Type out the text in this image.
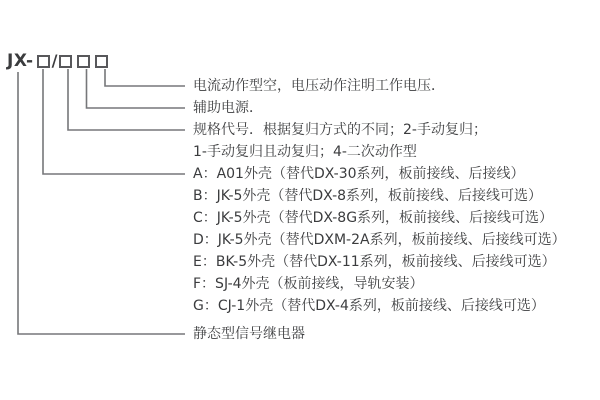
JX- /
电流动作型空，电压动作注明工作电压．
辅助电源．
规格代号．根据复归方式的不同；2-手动复归；
1-手动复归且动复归；4-二次动作型
A：A01外壳（替代DX-30系列，板前接线、后接线）
B：JK-5外壳（替代DX-8系列，板前接线、后接线可选）
C：JK-5外壳（替代DX-8G系列，板前接线、后接线可选）
D：JK-5外壳（替代DXM-2A系列，板前接线、后接线可选）
E：BK-5外壳（替代DX-11系列，板前接线、后接线可选）
F：SJ-4外壳（板前接线，导轨安装）
G：CJ-1外壳（替代DX-4系列，板前接线、后接线可选）
静态型信号继电器
